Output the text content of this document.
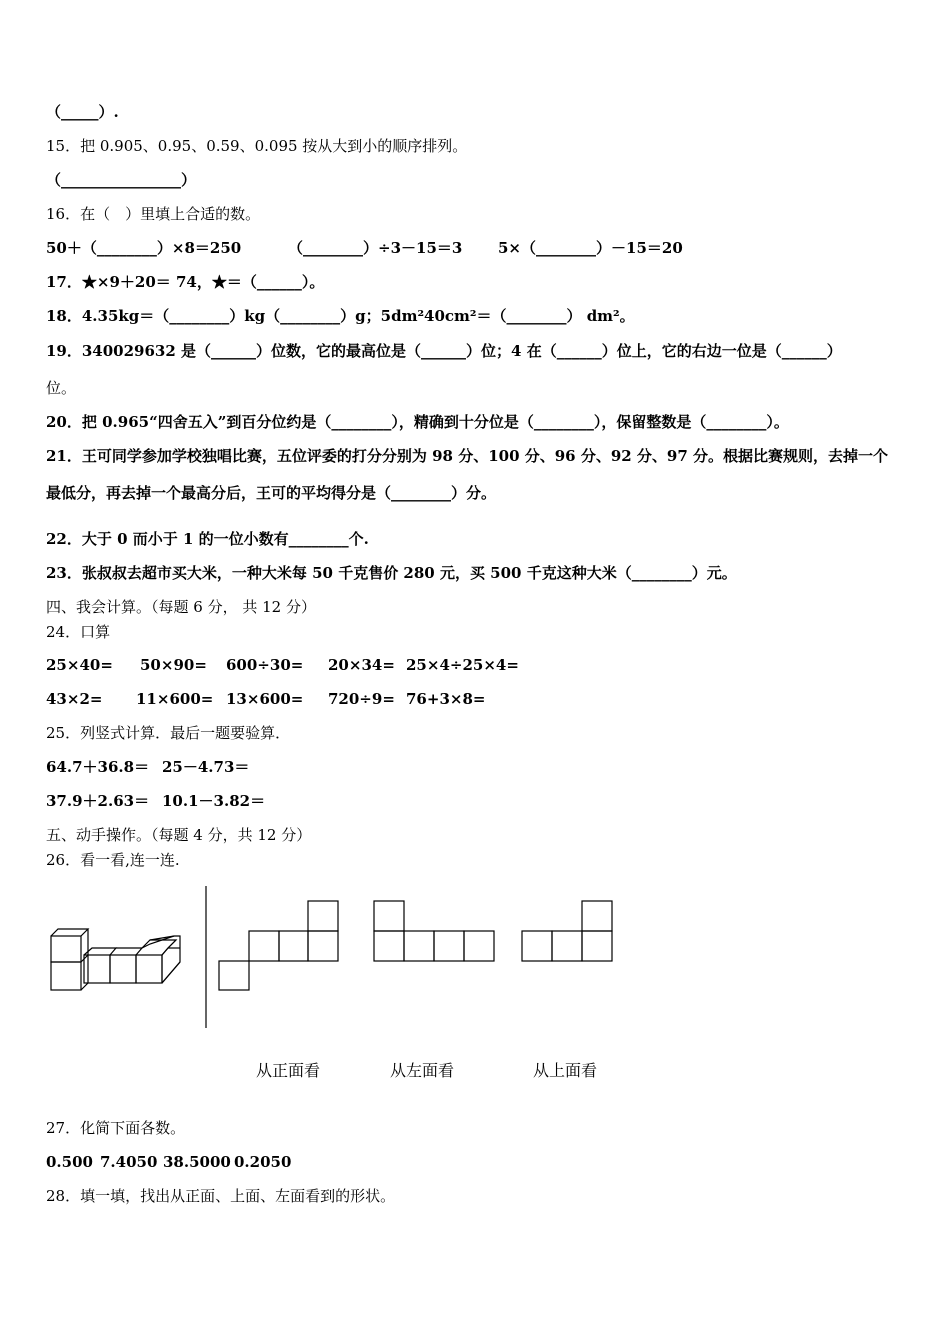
（_____）.
15．把 0.905、0.95、0.59、0.095 按从大到小的顺序排列。
（________________）
16．在（　）里填上合适的数。
50＋（________）×8＝250	（________）÷3－15＝3 5×（________）－15＝20
17．★×9＋20＝ 74，★＝（______）。
18．4.35kg＝（________）kg（________）g；5dm²40cm²＝（________） dm²。
19．340029632 是（______）位数，它的最高位是（______）位；4 在（______）位上，它的右边一位是（______）
位。
20．把 0.965“四舍五入”到百分位约是（________），精确到十分位是（________），保留整数是（________）。
21．王可同学参加学校独唱比赛，五位评委的打分分别为 98 分、100 分、96 分、92 分、97 分。根据比赛规则，去掉一个
最低分，再去掉一个最高分后，王可的平均得分是（________）分。
22．大于 0 而小于 1 的一位小数有________个.
23．张叔叔去超市买大米，一种大米每 50 千克售价 280 元，买 500 千克这种大米（________）元。
四、我会计算。（每题 6 分， 共 12 分）
24．口算
25×40= 50×90= 600÷30= 20×34= 25×4÷25×4=
43×2= 11×600= 13×600= 720÷9= 76+3×8=
25．列竖式计算．最后一题要验算．
64.7＋36.8＝ 25－4.73＝
37.9＋2.63＝ 10.1－3.82＝
五、动手操作。（每题 4 分，共 12 分）
26．看一看,连一连.
从正面看	从左面看	从上面看
27．化简下面各数。
0.500 7.4050 38.5000 0.2050
28．填一填，找出从正面、上面、左面看到的形状。
